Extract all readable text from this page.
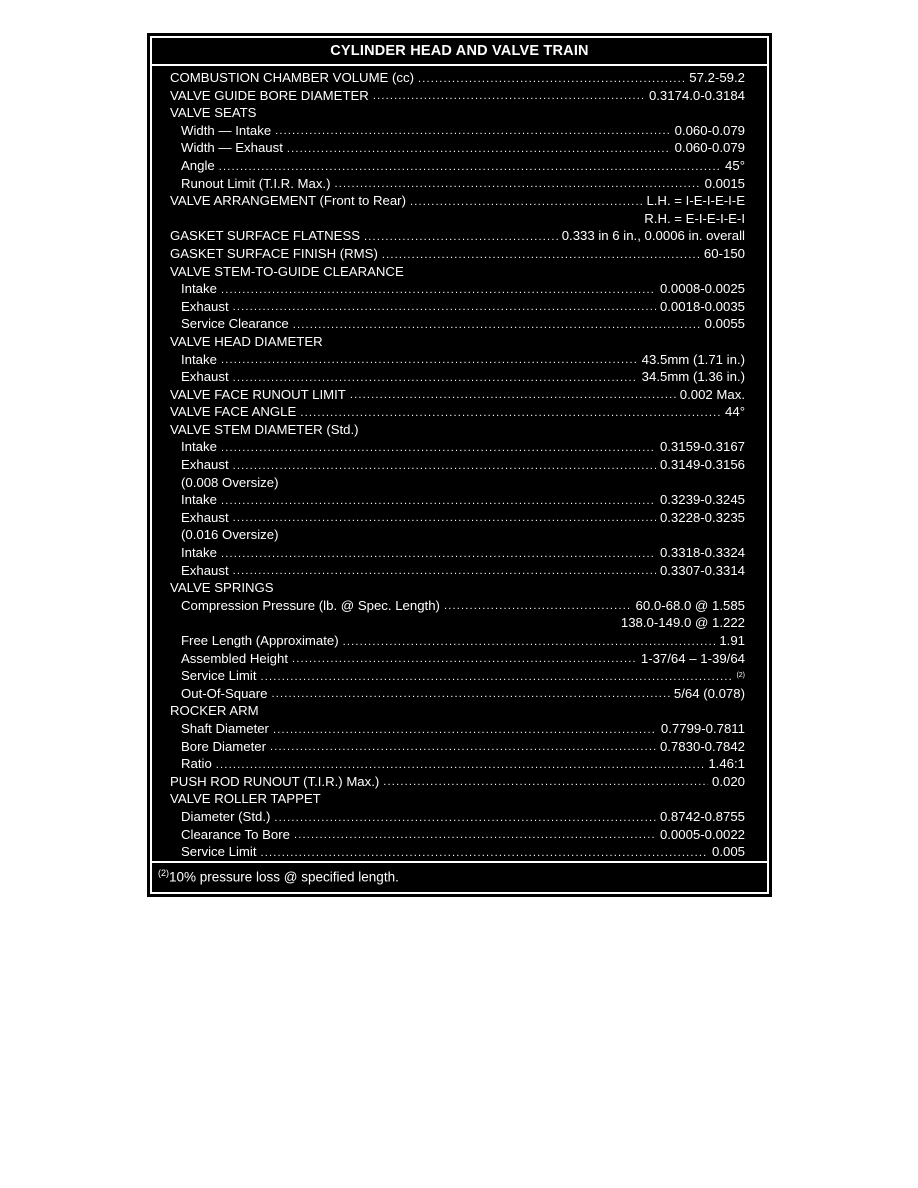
CYLINDER HEAD AND VALVE TRAIN
COMBUSTION CHAMBER VOLUME (cc) .....	57.2-59.2
VALVE GUIDE BORE DIAMETER .....	0.3174.0-0.3184
VALVE SEATS
Width — Intake .....	0.060-0.079
Width — Exhaust .....	0.060-0.079
Angle .....	45°
Runout Limit (T.I.R. Max.) .....	0.0015
VALVE ARRANGEMENT (Front to Rear) .....	L.H. = I-E-I-E-I-E
R.H. = E-I-E-I-E-I
GASKET SURFACE FLATNESS .....	0.333 in 6 in., 0.0006 in. overall
GASKET SURFACE FINISH (RMS) .....	60-150
VALVE STEM-TO-GUIDE CLEARANCE
Intake .....	0.0008-0.0025
Exhaust .....	0.0018-0.0035
Service Clearance .....	0.0055
VALVE HEAD DIAMETER
Intake .....	43.5mm (1.71 in.)
Exhaust .....	34.5mm (1.36 in.)
VALVE FACE RUNOUT LIMIT .....	0.002 Max.
VALVE FACE ANGLE .....	44°
VALVE STEM DIAMETER (Std.)
Intake .....	0.3159-0.3167
Exhaust .....	0.3149-0.3156
(0.008 Oversize)
Intake .....	0.3239-0.3245
Exhaust .....	0.3228-0.3235
(0.016 Oversize)
Intake .....	0.3318-0.3324
Exhaust .....	0.3307-0.3314
VALVE SPRINGS
Compression Pressure (lb. @ Spec. Length) .....	60.0-68.0 @ 1.585
138.0-149.0 @ 1.222
Free Length (Approximate) .....	1.91
Assembled Height .....	1-37/64 – 1-39/64
Service Limit .....	(2)
Out-Of-Square .....	5/64 (0.078)
ROCKER ARM
Shaft Diameter .....	0.7799-0.7811
Bore Diameter .....	0.7830-0.7842
Ratio .....	1.46:1
PUSH ROD RUNOUT (T.I.R.) Max.) .....	0.020
VALVE ROLLER TAPPET
Diameter (Std.) .....	0.8742-0.8755
Clearance To Bore .....	0.0005-0.0022
Service Limit .....	0.005
$^{(2)}$10% pressure loss @ specified length.
